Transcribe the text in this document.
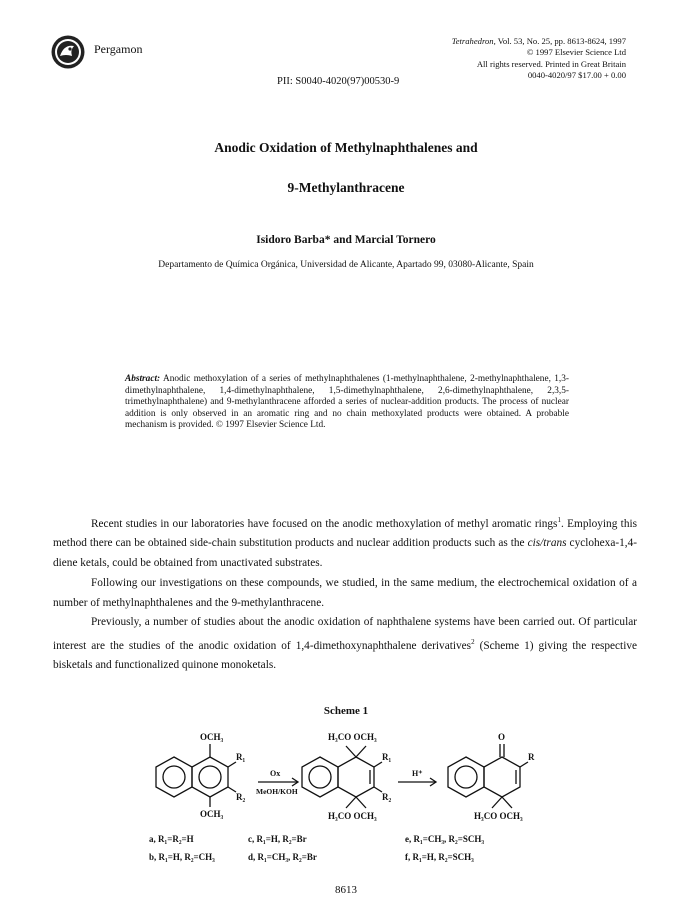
Pergamon
Tetrahedron, Vol. 53, No. 25, pp. 8613-8624, 1997
© 1997 Elsevier Science Ltd
All rights reserved. Printed in Great Britain
0040-4020/97 $17.00 + 0.00
PII: S0040-4020(97)00530-9
Anodic Oxidation of Methylnaphthalenes and
9-Methylanthracene
Isidoro Barba* and Marcial Tornero
Departamento de Química Orgánica, Universidad de Alicante, Apartado 99, 03080-Alicante, Spain
Abstract: Anodic methoxylation of a series of methylnaphthalenes (1-methylnaphthalene, 2-methylnaphthalene, 1,3-dimethylnaphthalene, 1,4-dimethylnaphthalene, 1,5-dimethylnaphthalene, 2,6-dimethylnaphthalene, 2,3,5-trimethylnaphthalene) and 9-methylanthracene afforded a series of nuclear-addition products. The process of nuclear addition is only observed in an aromatic ring and no chain methoxylated products were obtained. A probable mechanism is provided. © 1997 Elsevier Science Ltd.

Recent studies in our laboratories have focused on the anodic methoxylation of methyl aromatic rings$^1$. Employing this method there can be obtained side-chain substitution products and nuclear addition products such as the cis/trans cyclohexa-1,4-diene ketals, could be obtained from unactivated substrates.

Following our investigations on these compounds, we studied, in the same medium, the electrochemical oxidation of a number of methylnaphthalenes and the 9-methylanthracene.

Previously, a number of studies about the anodic oxidation of naphthalene systems have been carried out. Of particular interest are the studies of the anodic oxidation of 1,4-dimethoxynaphthalene derivatives$^2$ (Scheme 1) giving the respective bisketals and functionalized quinone monoketals.

Scheme 1
OCH₃
OCH₃
R₁
R₂
Ox
MeOH/KOH
H₃CO OCH₃
H₃CO OCH₃
R₁
R₂
H⁺
O
R
H₃CO OCH₃
a, R₁=R₂=H
b, R₁=H, R₂=CH₃
c, R₁=H, R₂=Br
d, R₁=CH₃, R₂=Br
e, R₁=CH₃, R₂=SCH₃
f, R₁=H, R₂=SCH₃
8613
